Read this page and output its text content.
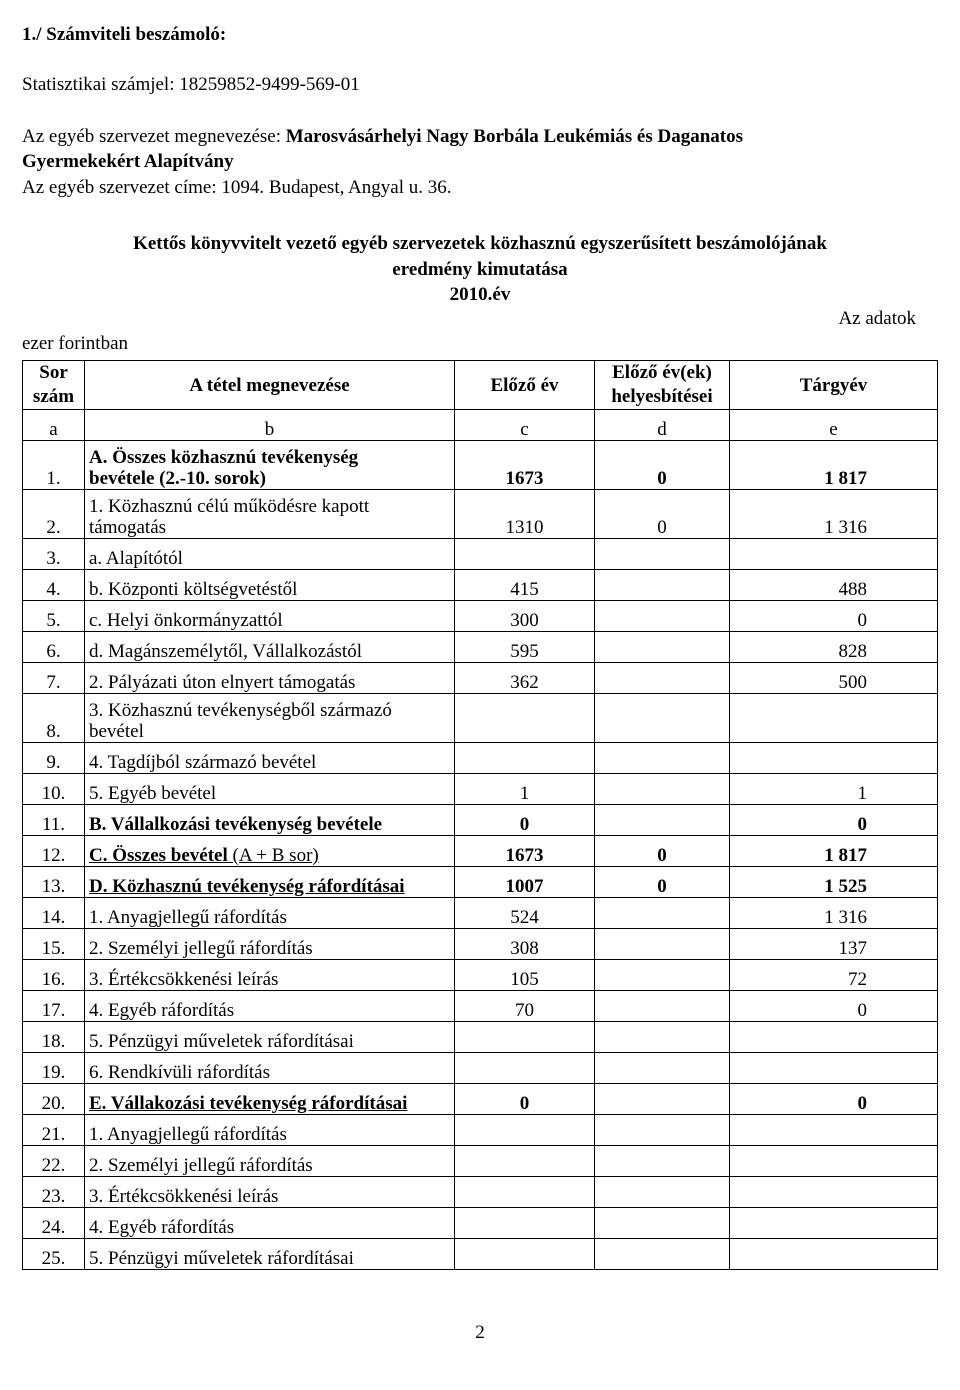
1./ Számviteli beszámoló:
Statisztikai számjel: 18259852-9499-569-01
Az egyéb szervezet megnevezése: Marosvásárhelyi Nagy Borbála Leukémiás és Daganatos
Gyermekekért Alapítvány
Az egyéb szervezet címe: 1094. Budapest, Angyal u. 36.
Kettős könyvvitelt vezető egyéb szervezetek közhasznú egyszerűsített beszámolójának
eredmény kimutatása
2010.év
Az adatok
ezer forintban
Sor
szám	A tétel megnevezése	Előző év	Előző év(ek)
helyesbítései	Tárgyév
a	b	c	d	e
1.	A. Összes közhasznú tevékenység
bevétele (2.-10. sorok)	1673	0	1 817
2.	1. Közhasznú célú működésre kapott
támogatás	1310	0	1 316
3.	a. Alapítótól			
4.	b. Központi költségvetéstől	415		488
5.	c. Helyi önkormányzattól	300		0
6.	d. Magánszemélytől, Vállalkozástól	595		828
7.	2. Pályázati úton elnyert támogatás	362		500
8.	3. Közhasznú tevékenységből származó
bevétel			
9.	4. Tagdíjból származó bevétel			
10.	5. Egyéb bevétel	1		1
11.	B. Vállalkozási tevékenység bevétele	0		0
12.	C. Összes bevétel (A + B sor)	1673	0	1 817
13.	D. Közhasznú tevékenység ráfordításai	1007	0	1 525
14.	1. Anyagjellegű ráfordítás	524		1 316
15.	2. Személyi jellegű ráfordítás	308		137
16.	3. Értékcsökkenési leírás	105		72
17.	4. Egyéb ráfordítás	70		0
18.	5. Pénzügyi műveletek ráfordításai			
19.	6. Rendkívüli ráfordítás			
20.	E. Vállakozási tevékenység ráfordításai	0		0
21.	1. Anyagjellegű ráfordítás			
22.	2. Személyi jellegű ráfordítás			
23.	3. Értékcsökkenési leírás			
24.	4. Egyéb ráfordítás			
25.	5. Pénzügyi műveletek ráfordításai			
2
